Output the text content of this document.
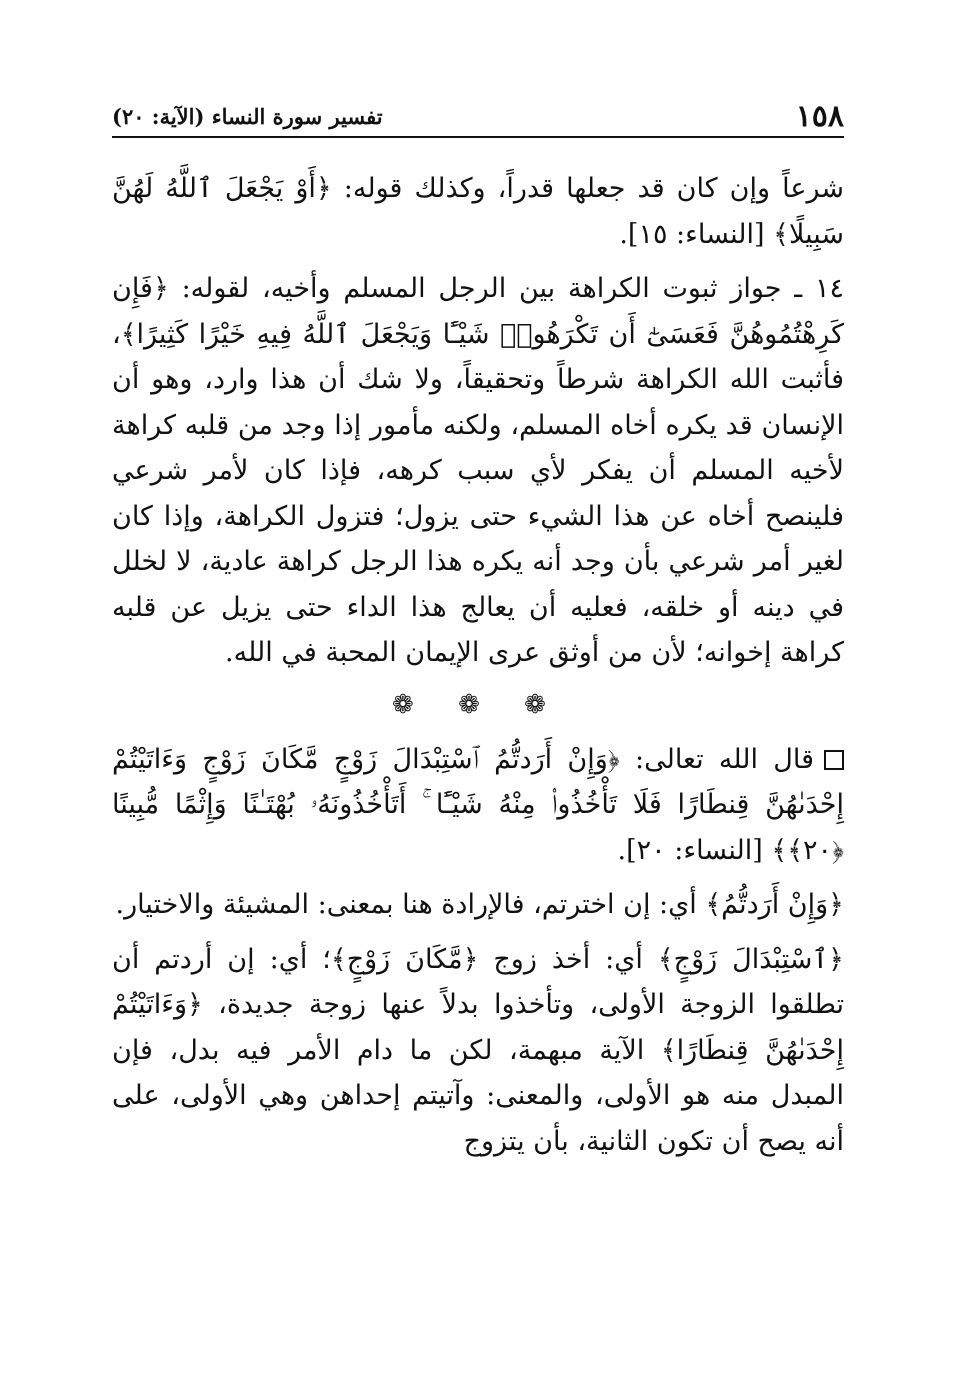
١٥٨
تفسير سورة النساء (الآية: ٢٠)

شرعاً وإن كان قد جعلها قدراً، وكذلك قوله: ﴿أَوْ يَجْعَلَ ٱللَّهُ لَهُنَّ سَبِيلًا﴾ [النساء: ١٥].

١٤ ـ جواز ثبوت الكراهة بين الرجل المسلم وأخيه، لقوله: ﴿فَإِن كَرِهْتُمُوهُنَّ فَعَسَىٰٓ أَن تَكْرَهُوا۟ شَيْـًٔا وَيَجْعَلَ ٱللَّهُ فِيهِ خَيْرًا كَثِيرًا﴾، فأثبت الله الكراهة شرطاً وتحقيقاً، ولا شك أن هذا وارد، وهو أن الإنسان قد يكره أخاه المسلم، ولكنه مأمور إذا وجد من قلبه كراهة لأخيه المسلم أن يفكر لأي سبب كرهه، فإذا كان لأمر شرعي فلينصح أخاه عن هذا الشيء حتى يزول؛ فتزول الكراهة، وإذا كان لغير أمر شرعي بأن وجد أنه يكره هذا الرجل كراهة عادية، لا لخلل في دينه أو خلقه، فعليه أن يعالج هذا الداء حتى يزيل عن قلبه كراهة إخوانه؛ لأن من أوثق عرى الإيمان المحبة في الله.

❁ ❁ ❁

قال الله تعالى: ﴿وَإِنْ أَرَدتُّمُ ٱسْتِبْدَالَ زَوْجٍ مَّكَانَ زَوْجٍ وَءَاتَيْتُمْ إِحْدَىٰهُنَّ قِنطَارًا فَلَا تَأْخُذُوا۟ مِنْهُ شَيْـًٔا ۚ أَتَأْخُذُونَهُۥ بُهْتَـٰنًا وَإِثْمًا مُّبِينًا ﴿٢٠﴾﴾ [النساء: ٢٠].

﴿وَإِنْ أَرَدتُّمُ﴾ أي: إن اخترتم، فالإرادة هنا بمعنى: المشيئة والاختيار.

﴿ٱسْتِبْدَالَ زَوْجٍ﴾ أي: أخذ زوج ﴿مَّكَانَ زَوْجٍ﴾؛ أي: إن أردتم أن تطلقوا الزوجة الأولى، وتأخذوا بدلاً عنها زوجة جديدة، ﴿وَءَاتَيْتُمْ إِحْدَىٰهُنَّ قِنطَارًا﴾ الآية مبهمة، لكن ما دام الأمر فيه بدل، فإن المبدل منه هو الأولى، والمعنى: وآتيتم إحداهن وهي الأولى، على أنه يصح أن تكون الثانية، بأن يتزوج
